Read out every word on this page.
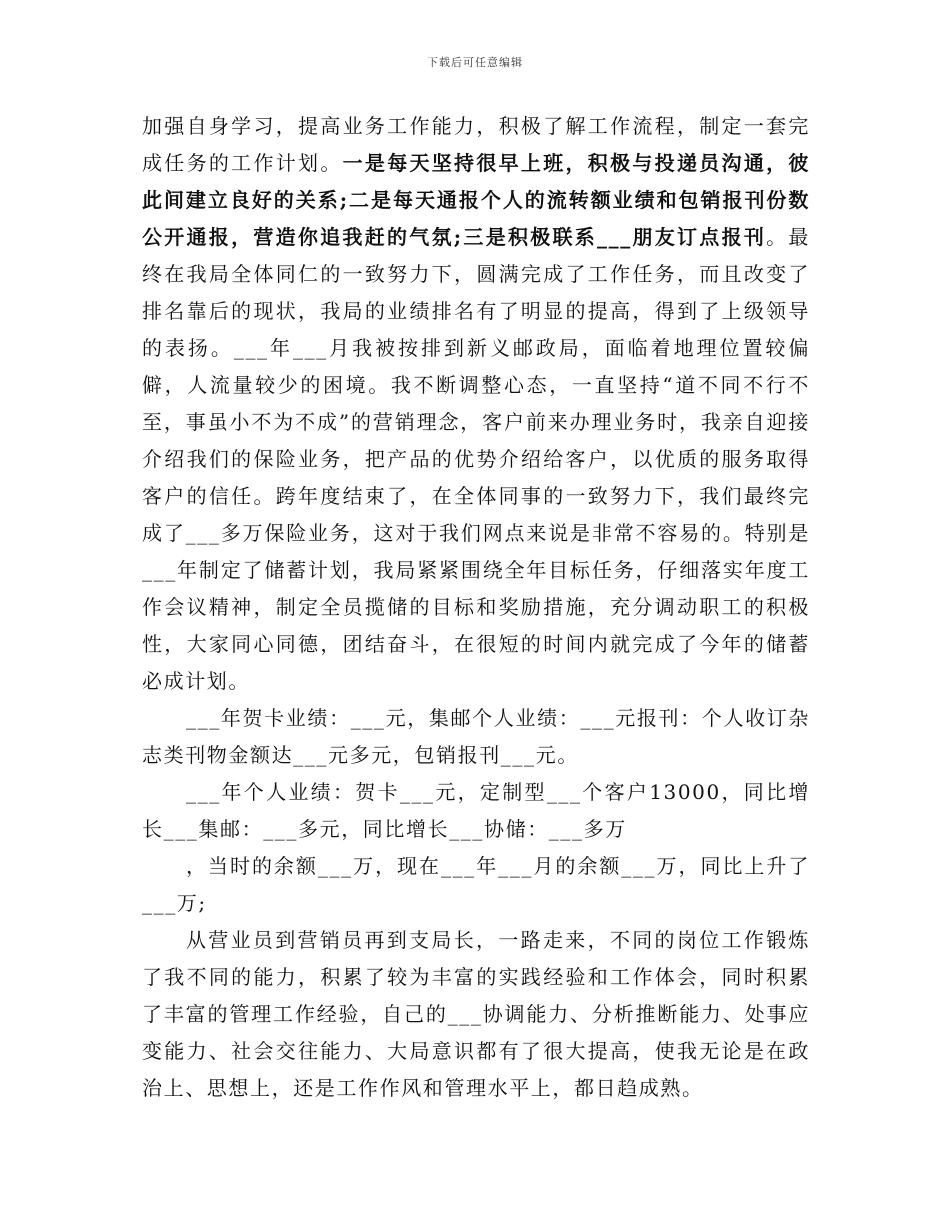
下载后可任意编辑

加强自身学习，提高业务工作能力，积极了解工作流程，制定一套完成任务的工作计划。一是每天坚持很早上班，积极与投递员沟通，彼此间建立良好的关系;二是每天通报个人的流转额业绩和包销报刊份数公开通报，营造你追我赶的气氛;三是积极联系___朋友订点报刊。最终在我局全体同仁的一致努力下，圆满完成了工作任务，而且改变了排名靠后的现状，我局的业绩排名有了明显的提高，得到了上级领导的表扬。___年___月我被按排到新义邮政局，面临着地理位置较偏僻，人流量较少的困境。我不断调整心态，一直坚持“道不同不行不至，事虽小不为不成”的营销理念，客户前来办理业务时，我亲自迎接介绍我们的保险业务，把产品的优势介绍给客户，以优质的服务取得客户的信任。跨年度结束了，在全体同事的一致努力下，我们最终完成了___多万保险业务，这对于我们网点来说是非常不容易的。特别是___年制定了储蓄计划，我局紧紧围绕全年目标任务，仔细落实年度工作会议精神，制定全员揽储的目标和奖励措施，充分调动职工的积极性，大家同心同德，团结奋斗，在很短的时间内就完成了今年的储蓄必成计划。

___年贺卡业绩：___元，集邮个人业绩：___元报刊：个人收订杂志类刊物金额达___元多元，包销报刊___元。

___年个人业绩：贺卡___元，定制型___个客户13000，同比增长___集邮：___多元，同比增长___协储：___多万

，当时的余额___万，现在___年___月的余额___万，同比上升了___万;

从营业员到营销员再到支局长，一路走来，不同的岗位工作锻炼了我不同的能力，积累了较为丰富的实践经验和工作体会，同时积累了丰富的管理工作经验，自己的___协调能力、分析推断能力、处事应变能力、社会交往能力、大局意识都有了很大提高，使我无论是在政治上、思想上，还是工作作风和管理水平上，都日趋成熟。
